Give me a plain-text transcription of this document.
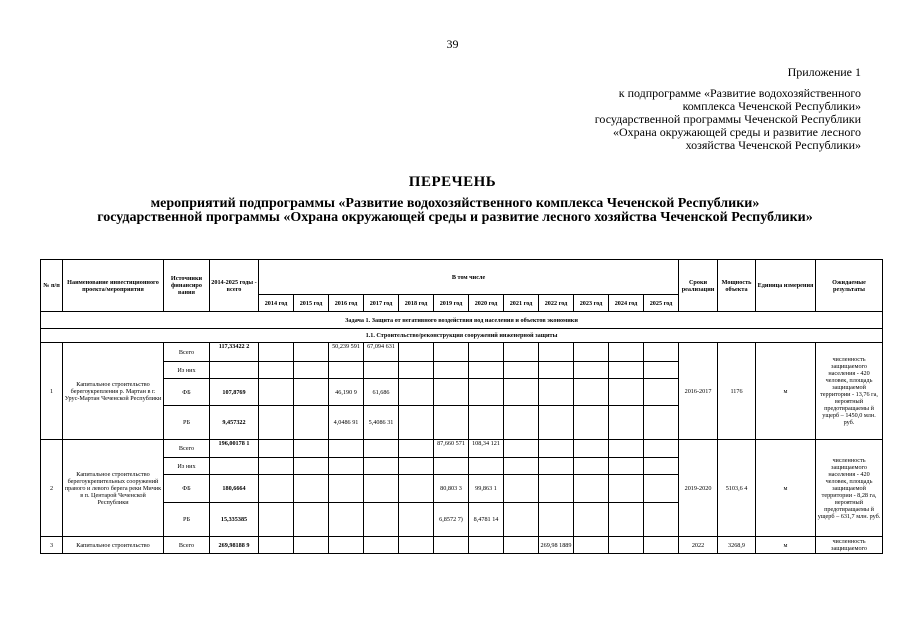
39
Приложение 1
к подпрограмме «Развитие водохозяйственного
комплекса Чеченской Республики»
государственной программы Чеченской Республики
«Охрана окружающей среды и развитие лесного
хозяйства Чеченской Республики»
ПЕРЕЧЕНЬ
мероприятий подпрограммы «Развитие водохозяйственного комплекса Чеченской Республики»
государственной программы «Охрана окружающей среды и развитие лесного хозяйства Чеченской Республики»
№ п/п	Наименование инвестиционного проекта/мероприятия	Источники финансиро вания	2014-2025 годы - всего	В том числе												Сроки реализации	Мощность объекта	Единица измерения	Ожидаемые результаты
				2014 год	2015 год	2016 год	2017 год	2018 год	2019 год	2020 год	2021 год	2022 год	2023 год	2024 год	2025 год				
Задача 1. Защита от негативного воздействия вод населения и объектов экономики																			
1.1. Строительство/реконструкция сооружений инженерной защиты																			
1	Капитальное строительство берегоукрепления р. Мартан в г. Урус-Мартан Чеченской Республики	Всего	117,33422 2			50,239 591	67,094 631									2016-2017	1176	м	численность защищаемого населения - 420 человек, площадь защищаемой территории - 13,76 га, вероятный предотвращаемы й ущерб – 1450,0 млн. руб.
		Из них																	
		ФБ	107,8769			46,190 9	61,686												
		РБ	9,457322			4,0486 91	5,4086 31												
2	Капитальное строительство берегоукрепительных сооружений правого и левого берега реки Мичик в п. Центарой Чеченской Республики	Всего	196,00178 1						87,660 571	108,34 121						2019-2020	5103,6 4	м	численность защищаемого населения - 420 человек, площадь защищаемой территории - 8,28 га, вероятный предотвращаемы й ущерб – 631,7 млн. руб.
		Из них																	
		ФБ	180,6664						80,803 3	99,863 1									
		РБ	15,335385						6,8572 7)	8,4781 14									
3	Капитальное строительство	Всего	269,98188 9									269,98 1889				2022	3268,9	м	численность защищаемого
